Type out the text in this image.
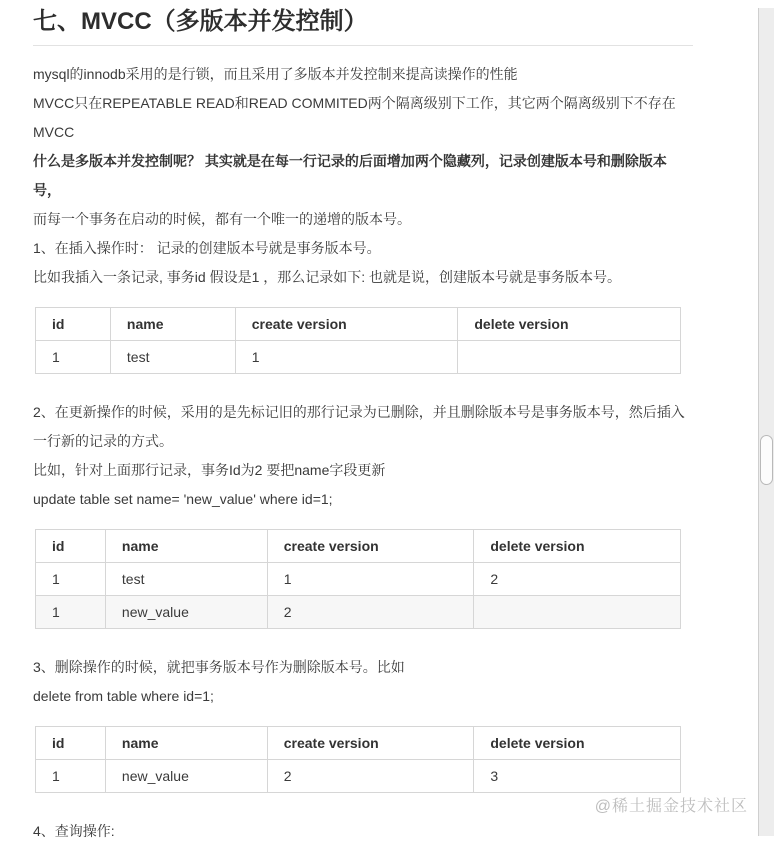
七、MVCC（多版本并发控制）

mysql的innodb采用的是行锁，而且采用了多版本并发控制来提高读操作的性能

MVCC只在REPEATABLE READ和READ COMMITED两个隔离级别下工作，其它两个隔离级别下不存在MVCC

什么是多版本并发控制呢？ 其实就是在每一行记录的后面增加两个隐藏列，记录创建版本号和删除版本号，

而每一个事务在启动的时候，都有一个唯一的递增的版本号。

1、在插入操作时： 记录的创建版本号就是事务版本号。

比如我插入一条记录, 事务id 假设是1 ，那么记录如下: 也就是说，创建版本号就是事务版本号。

id	name	create version	delete version
1	test	1	

2、在更新操作的时候，采用的是先标记旧的那行记录为已删除，并且删除版本号是事务版本号，然后插入一行新的记录的方式。

比如，针对上面那行记录，事务Id为2 要把name字段更新

update table set name= 'new_value' where id=1;

id	name	create version	delete version
1	test	1	2
1	new_value	2	

3、删除操作的时候，就把事务版本号作为删除版本号。比如

delete from table where id=1;

id	name	create version	delete version
1	new_value	2	3

4、查询操作:

@稀土掘金技术社区
